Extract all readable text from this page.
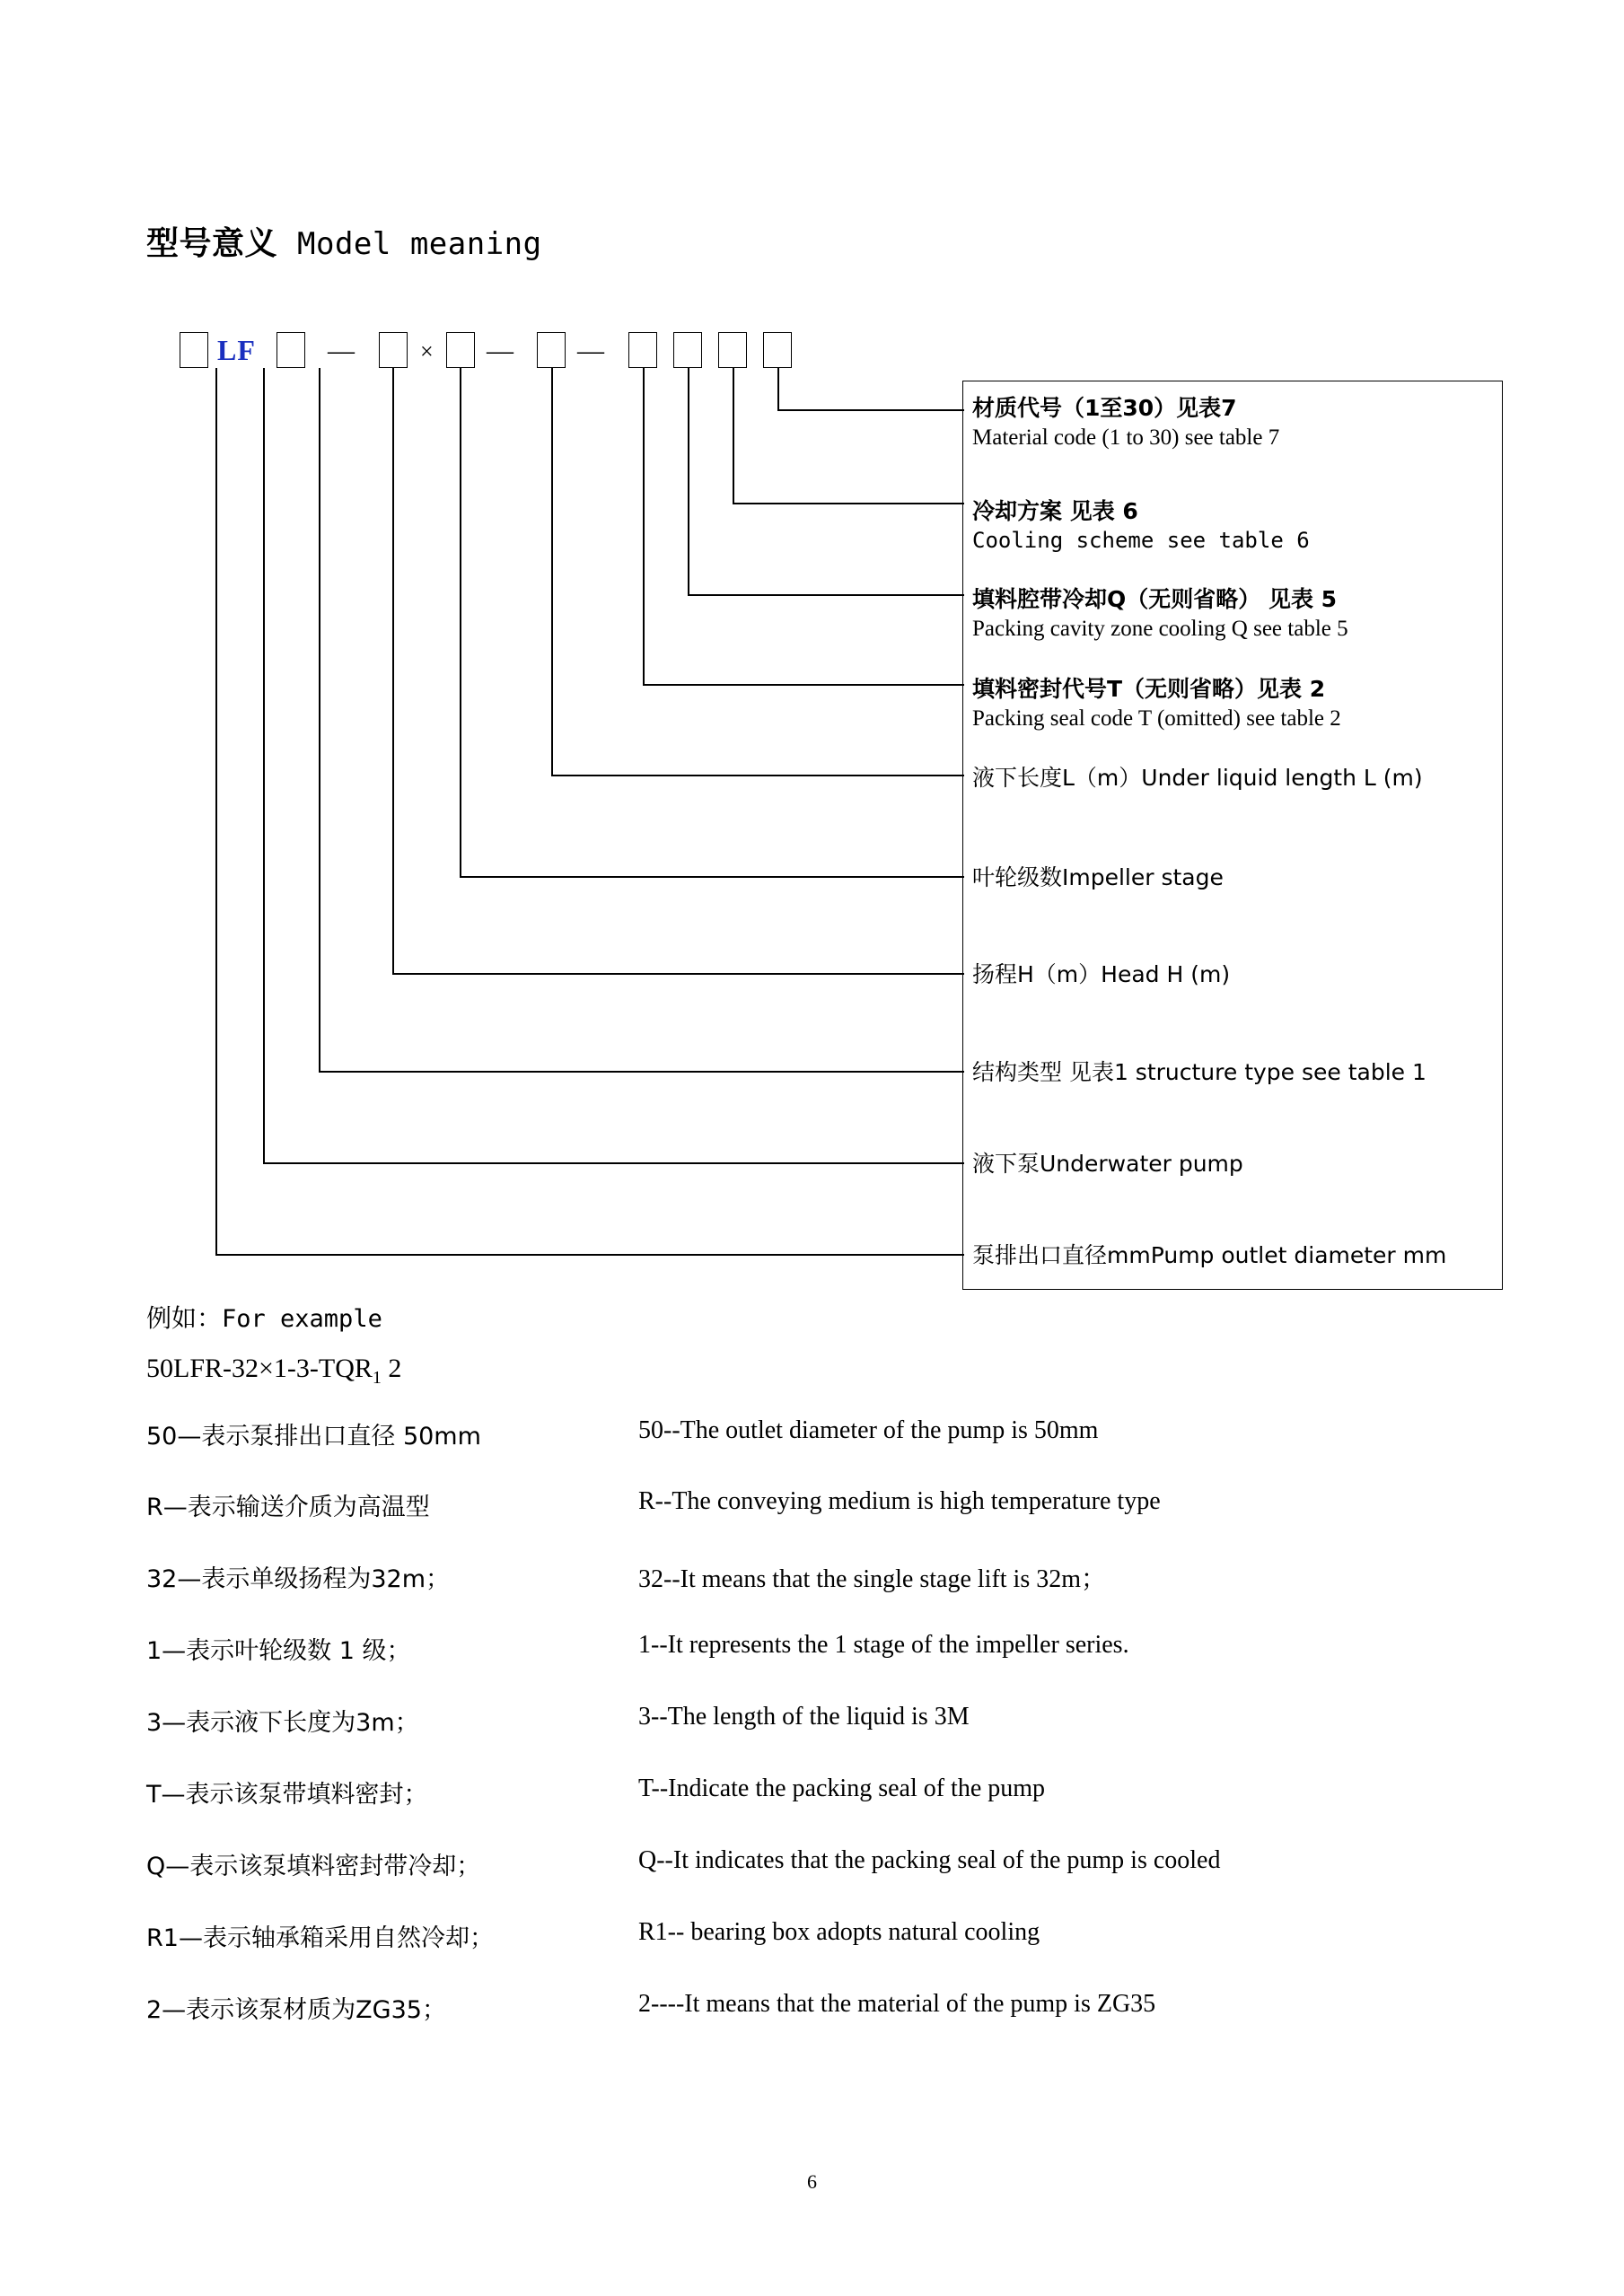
型号意义 Model meaning
LF	—	× — —
材质代号（1至30）见表7
Material code (1 to 30) see table 7
冷却方案 见表 6
Cooling scheme see table 6
填料腔带冷却Q（无则省略） 见表 5
Packing cavity zone cooling Q see table 5
填料密封代号T（无则省略）见表 2
Packing seal code T (omitted) see table 2
液下长度L（m）Under liquid length L (m)
叶轮级数Impeller stage
扬程H（m）Head H (m)
结构类型 见表1 structure type see table 1
液下泵Underwater pump
泵排出口直径mmPump outlet diameter mm
例如：For example
$50LFR-32\times 1-3-TQR_1$ 2
50—表示泵排出口直径 50mm	50--The outlet diameter of the pump is 50mm
R—表示输送介质为高温型	R--The conveying medium is high temperature type
32—表示单级扬程为32m；	32--It means that the single stage lift is 32m；
1—表示叶轮级数 1 级；	1--It represents the 1 stage of the impeller series.
3—表示液下长度为3m；	3--The length of the liquid is 3M
T—表示该泵带填料密封；	T--Indicate the packing seal of the pump
Q—表示该泵填料密封带冷却；	Q--It indicates that the packing seal of the pump is cooled
R1—表示轴承箱采用自然冷却；	R1-- bearing box adopts natural cooling
2—表示该泵材质为ZG35；	2----It means that the material of the pump is ZG35
6
